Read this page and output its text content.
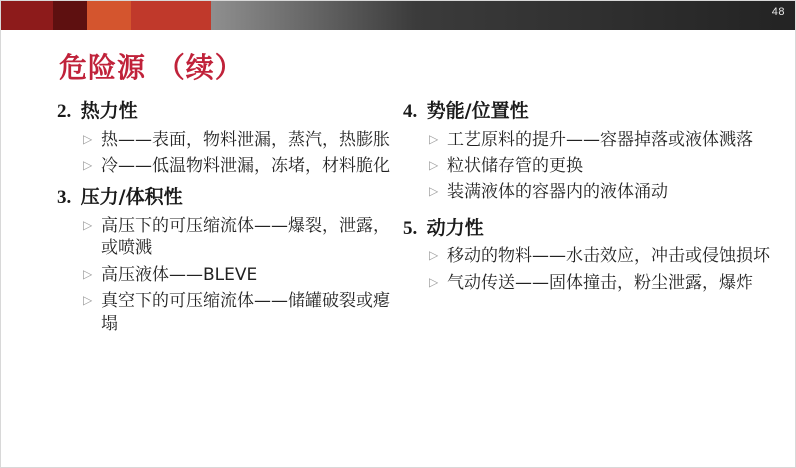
48
危险源 （续）
2. 热力性
▷ 热——表面，物料泄漏，蒸汽，热膨胀
▷ 冷——低温物料泄漏，冻堵，材料脆化
3. 压力/体积性
▷ 高压下的可压缩流体——爆裂，泄露，或喷溅
▷ 高压液体——BLEVE
▷ 真空下的可压缩流体——储罐破裂或瘪塌
4. 势能/位置性
▷ 工艺原料的提升——容器掉落或液体溅落
▷ 粒状储存管的更换
▷ 装满液体的容器内的液体涌动
5. 动力性
▷ 移动的物料——水击效应，冲击或侵蚀损坏
▷ 气动传送——固体撞击，粉尘泄露，爆炸
